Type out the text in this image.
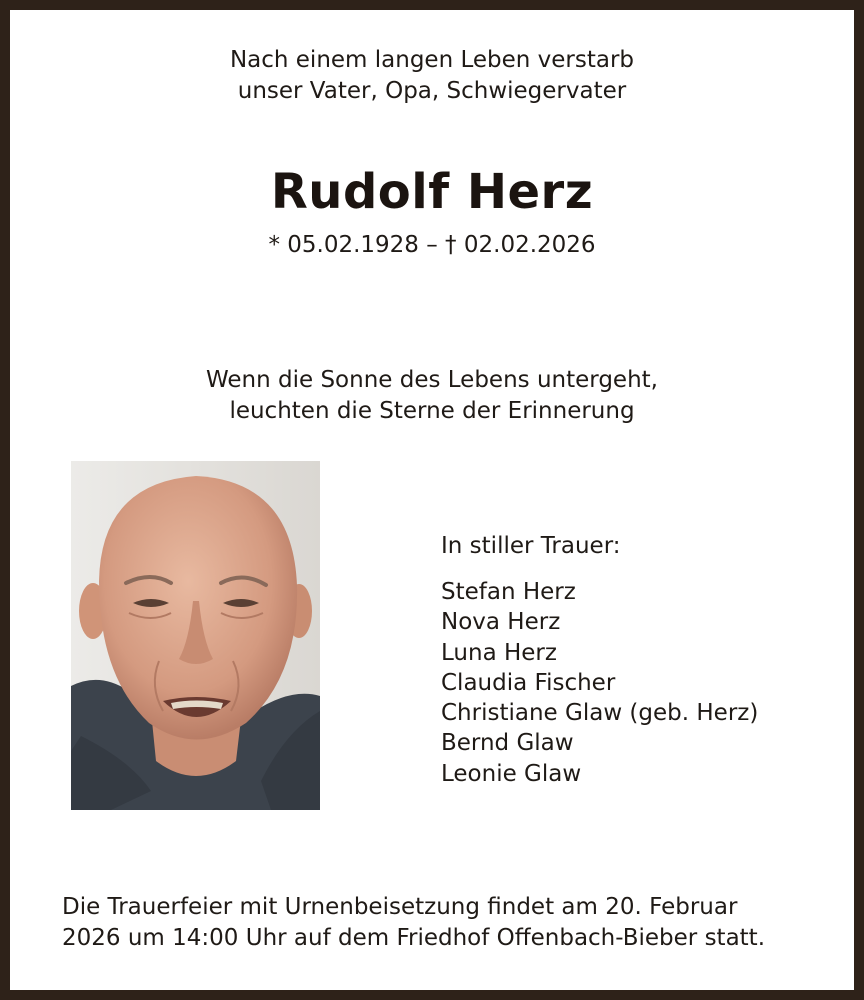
Nach einem langen Leben verstarb
unser Vater, Opa, Schwiegervater
Rudolf Herz
* 05.02.1928 – † 02.02.2026
Wenn die Sonne des Lebens untergeht,
leuchten die Sterne der Erinnerung
In stiller Trauer:
Stefan Herz
Nova Herz
Luna Herz
Claudia Fischer
Christiane Glaw (geb. Herz)
Bernd Glaw
Leonie Glaw
Die Trauerfeier mit Urnenbeisetzung findet am 20. Februar
2026 um 14:00 Uhr auf dem Friedhof Offenbach-Bieber statt.
